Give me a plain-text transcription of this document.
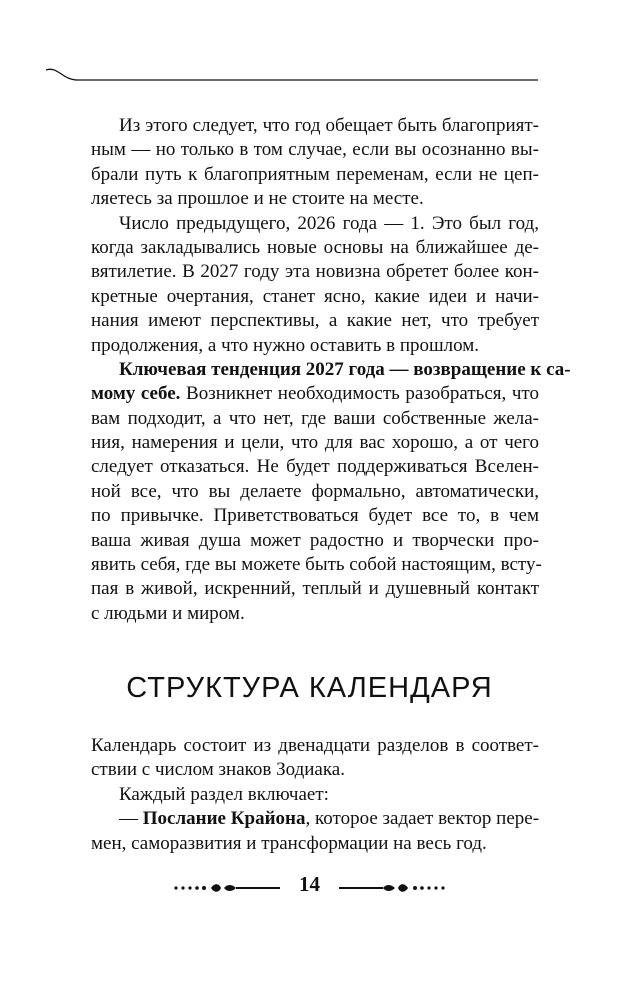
Из этого следует, что год обещает быть благоприят-
ным — но только в том случае, если вы осознанно вы-
брали путь к благоприятным переменам, если не цеп-
ляетесь за прошлое и не стоите на месте.
Число предыдущего, 2026 года — 1. Это был год,
когда закладывались новые основы на ближайшее де-
вятилетие. В 2027 году эта новизна обретет более кон-
кретные очертания, станет ясно, какие идеи и начи-
нания имеют перспективы, а какие нет, что требует
продолжения, а что нужно оставить в прошлом.
Ключевая тенденция 2027 года — возвращение к са-
мому себе. Возникнет необходимость разобраться, что
вам подходит, а что нет, где ваши собственные жела-
ния, намерения и цели, что для вас хорошо, а от чего
следует отказаться. Не будет поддерживаться Вселен-
ной все, что вы делаете формально, автоматически,
по привычке. Приветствоваться будет все то, в чем
ваша живая душа может радостно и творчески про-
явить себя, где вы можете быть собой настоящим, всту-
пая в живой, искренний, теплый и душевный контакт
с людьми и миром.
СТРУКТУРА КАЛЕНДАРЯ
Календарь состоит из двенадцати разделов в соответ-
ствии с числом знаков Зодиака.
Каждый раздел включает:
— Послание Крайона, которое задает вектор пере-
мен, саморазвития и трансформации на весь год.
14
